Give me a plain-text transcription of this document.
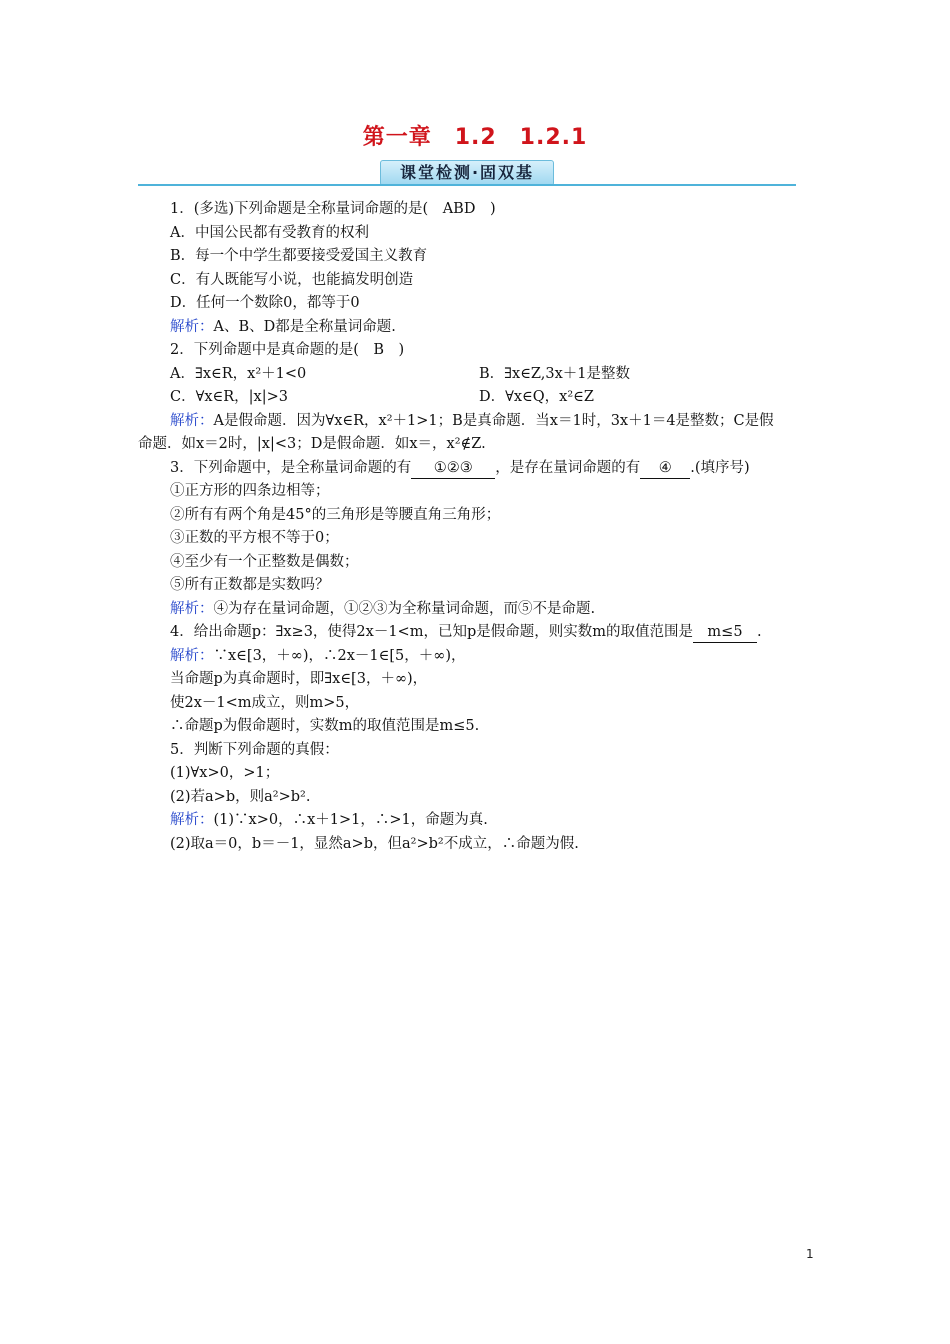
第一章　1.2　1.2.1
课堂检测·固双基
1．(多选)下列命题是全称量词命题的是(　ABD　)
A．中国公民都有受教育的权利
B．每一个中学生都要接受爱国主义教育
C．有人既能写小说，也能搞发明创造
D．任何一个数除0，都等于0
解析：A、B、D都是全称量词命题.
2．下列命题中是真命题的是(　B　)
A．∃x∈R，x²＋1<0	B．∃x∈Z,3x＋1是整数
C．∀x∈R，|x|>3	D．∀x∈Q，x²∈Z
解析：A是假命题．因为∀x∈R，x²＋1>1；B是真命题．当x＝1时，3x＋1＝4是整数；C是假
命题．如x＝2时，|x|<3；D是假命题．如x＝，x²∉Z.
3．下列命题中，是全称量词命题的有 ①②③ ，是存在量词命题的有 ④ .(填序号)
①正方形的四条边相等；
②所有有两个角是45°的三角形是等腰直角三角形；
③正数的平方根不等于0；
④至少有一个正整数是偶数；
⑤所有正数都是实数吗？
解析：④为存在量词命题，①②③为全称量词命题，而⑤不是命题.
4．给出命题p：∃x≥3，使得2x－1<m，已知p是假命题，则实数m的取值范围是 m≤5 .
解析：∵x∈[3，＋∞)，∴2x－1∈[5，＋∞)，
当命题p为真命题时，即∃x∈[3，＋∞)，
使2x－1<m成立，则m>5，
∴命题p为假命题时，实数m的取值范围是m≤5.
5．判断下列命题的真假：
(1)∀x>0，>1；
(2)若a>b，则a²>b².
解析：(1)∵x>0，∴x＋1>1，∴>1，命题为真.
(2)取a＝0，b＝－1，显然a>b，但a²>b²不成立，∴命题为假.
1
